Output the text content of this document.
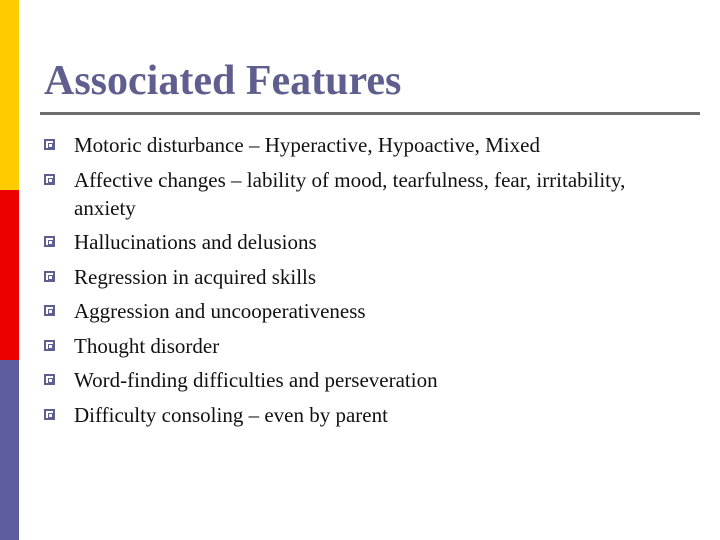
Associated Features
Motoric disturbance – Hyperactive, Hypoactive, Mixed
Affective changes – lability of mood, tearfulness, fear, irritability, anxiety
Hallucinations and delusions
Regression in acquired skills
Aggression and uncooperativeness
Thought disorder
Word-finding difficulties and perseveration
Difficulty consoling – even by parent
